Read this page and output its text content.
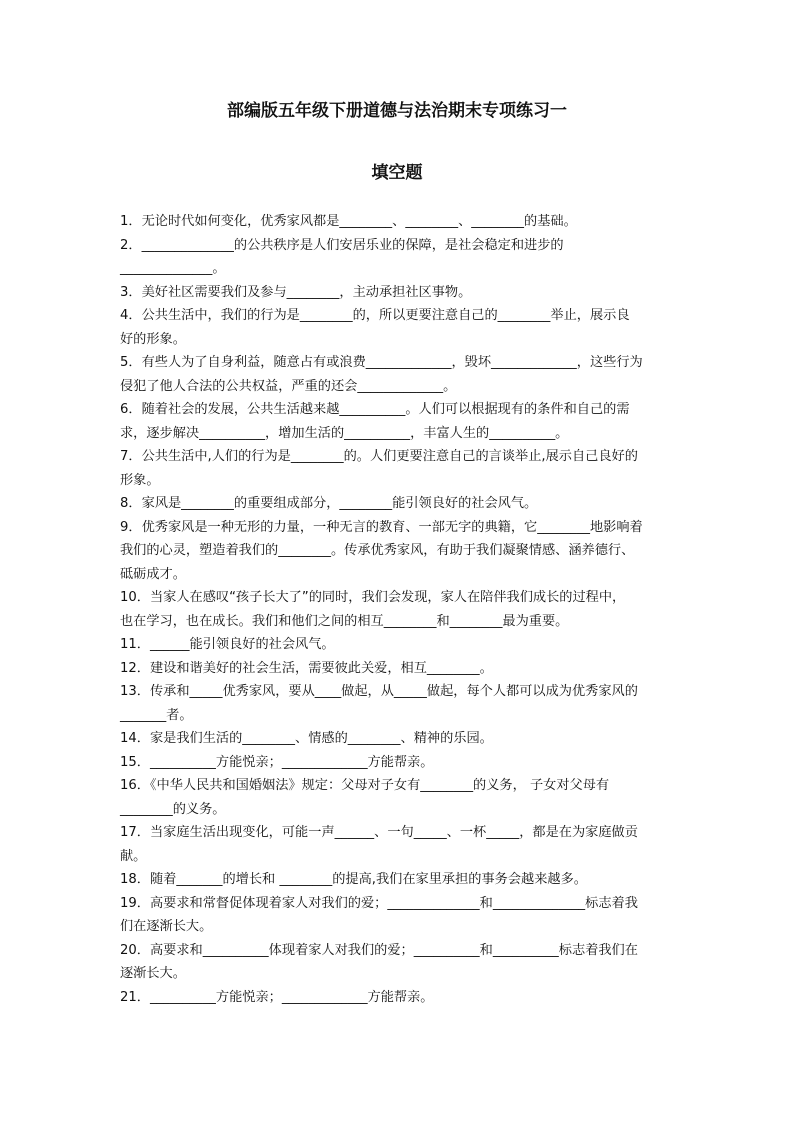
部编版五年级下册道德与法治期末专项练习一
填空题

1．无论时代如何变化，优秀家风都是________、________、________的基础。

2．______________的公共秩序是人们安居乐业的保障，是社会稳定和进步的
______________。

3．美好社区需要我们及参与________，主动承担社区事物。

4．公共生活中，我们的行为是________的，所以更要注意自己的________举止，展示良
好的形象。

5．有些人为了自身利益，随意占有或浪费_____________，毁坏_____________，这些行为
侵犯了他人合法的公共权益，严重的还会_____________。

6．随着社会的发展，公共生活越来越__________。人们可以根据现有的条件和自己的需
求，逐步解决__________，增加生活的__________，丰富人生的__________。

7．公共生活中,人们的行为是________的。人们更要注意自己的言谈举止,展示自己良好的
形象。

8．家风是________的重要组成部分，________能引领良好的社会风气。

9．优秀家风是一种无形的力量，一种无言的教育、一部无字的典籍，它________地影响着
我们的心灵，塑造着我们的________。传承优秀家风，有助于我们凝聚情感、涵养德行、
砥砺成才。

10．当家人在感叹“孩子长大了”的同时，我们会发现，家人在陪伴我们成长的过程中，
也在学习，也在成长。我们和他们之间的相互________和________最为重要。

11．______能引领良好的社会风气。

12．建设和谐美好的社会生活，需要彼此关爱，相互________。

13．传承和_____优秀家风，要从____做起，从_____做起，每个人都可以成为优秀家风的
_______者。

14．家是我们生活的________、情感的________、精神的乐园。

15．__________方能悦亲；_____________方能帮亲。

16．《中华人民共和国婚姻法》规定：父母对子女有________的义务， 子女对父母有
________的义务。

17．当家庭生活出现变化，可能一声______、一句_____、一杯_____，都是在为家庭做贡
献。

18．随着_______的增长和 ________的提高,我们在家里承担的事务会越来越多。

19．高要求和常督促体现着家人对我们的爱；______________和______________标志着我
们在逐渐长大。

20．高要求和__________体现着家人对我们的爱；__________和__________标志着我们在
逐渐长大。

21．__________方能悦亲；_____________方能帮亲。
